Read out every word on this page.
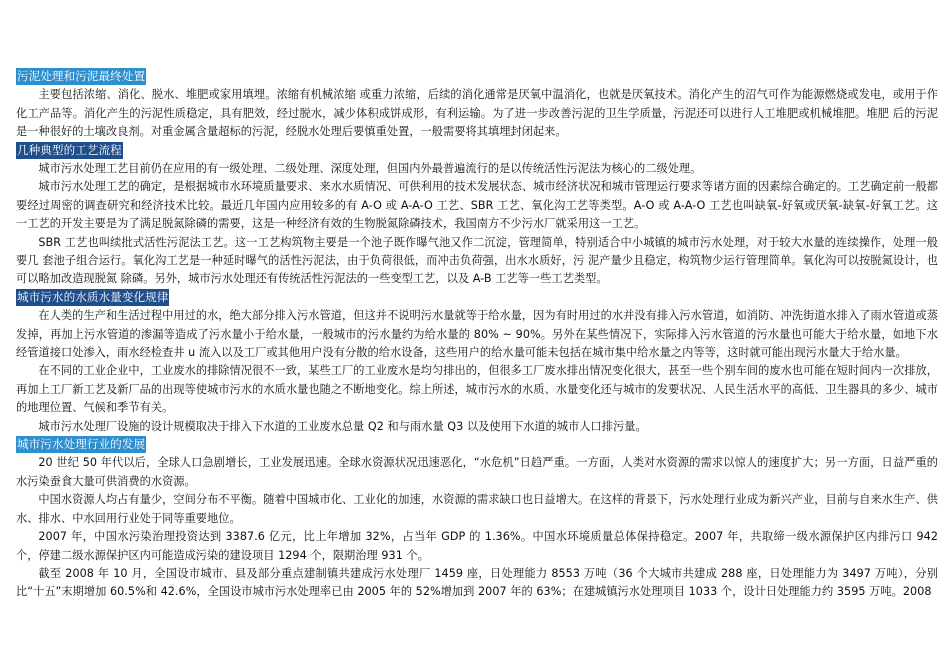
污泥处理和污泥最终处置

主要包括浓缩、消化、脱水、堆肥或家用填埋。浓缩有机械浓缩 或重力浓缩，后续的消化通常是厌氧中温消化，也就是厌氧技术。消化产生的沼气可作为能源燃烧或发电，或用于作化工产品等。消化产生的污泥性质稳定，具有肥效，经过脱水，减少体积成饼成形，有利运输。为了进一步改善污泥的卫生学质量，污泥还可以进行人工堆肥或机械堆肥。堆肥 后的污泥是一种很好的土壤改良剂。对重金属含量超标的污泥，经脱水处理后要慎重处置，一般需要将其填埋封闭起来。

几种典型的工艺流程

城市污水处理工艺目前仍在应用的有一级处理、二级处理、深度处理，但国内外最普遍流行的是以传统活性污泥法为核心的二级处理。

城市污水处理工艺的确定，是根据城市水环境质量要求、来水水质情况、可供利用的技术发展状态、城市经济状况和城市管理运行要求等诸方面的因素综合确定的。工艺确定前一般都要经过周密的调查研究和经济技术比较。最近几年国内应用较多的有 A-O 或 A-A-O 工艺、SBR 工艺、氧化沟工艺等类型。A-O 或 A-A-O 工艺也叫缺氧-好氧或厌氧-缺氧-好氧工艺。这一工艺的开发主要是为了满足脱氮除磷的需要，这是一种经济有效的生物脱氮除磷技术，我国南方不少污水厂就采用这一工艺。

SBR 工艺也叫续批式活性污泥法工艺。这一工艺构筑物主要是一个池子既作曝气池又作二沉淀，管理简单，特别适合中小城镇的城市污水处理，对于较大水量的连续操作，处理一般要几 套池子组合运行。氧化沟工艺是一种延时曝气的活性污泥法，由于负荷很低，而冲击负荷强，出水水质好，污 泥产量少且稳定，构筑物少运行管理简单。氧化沟可以按脱氮设计，也可以略加改造现脱氮 除磷。另外，城市污水处理还有传统活性污泥法的一些变型工艺，以及 A-B 工艺等一些工艺类型。

城市污水的水质水量变化规律

在人类的生产和生活过程中用过的水，绝大部分排入污水管道，但这并不说明污水量就等于给水量，因为有时用过的水并没有排入污水管道，如消防、冲洗街道水排入了雨水管道或蒸发掉，再加上污水管道的渗漏等造成了污水量小于给水量，一般城市的污水量约为给水量的 80% ~ 90%。另外在某些情况下，实际排入污水管道的污水量也可能大于给水量，如地下水经管道接口处渗入，雨水经检查井 u 流入以及工厂或其他用户没有分散的给水设备，这些用户的给水量可能未包括在城市集中给水量之内等等，这时就可能出现污水量大于给水量。

在不同的工业企业中，工业废水的排除情况很不一致，某些工厂的工业废水是均匀排出的，但很多工厂废水排出情况变化很大，甚至一些个别车间的废水也可能在短时间内一次排放，再加上工厂新工艺及新厂品的出现等使城市污水的水质水量也随之不断地变化。综上所述，城市污水的水质、水量变化还与城市的发要状况、人民生活水平的高低、卫生器具的多少、城市的地理位置、气候和季节有关。

城市污水处理厂设施的设计规模取决于排入下水道的工业废水总量 Q2 和与雨水量 Q3 以及使用下水道的城市人口排污量。

城市污水处理行业的发展

20 世纪 50 年代以后，全球人口急剧增长，工业发展迅速。全球水资源状况迅速恶化，“水危机”日趋严重。一方面，人类对水资源的需求以惊人的速度扩大；另一方面，日益严重的水污染蚕食大量可供消费的水资源。

中国水资源人均占有量少，空间分布不平衡。随着中国城市化、工业化的加速，水资源的需求缺口也日益增大。在这样的背景下，污水处理行业成为新兴产业，目前与自来水生产、供水、排水、中水回用行业处于同等重要地位。

2007 年，中国水污染治理投资达到 3387.6 亿元，比上年增加 32%，占当年 GDP 的 1.36%。中国水环境质量总体保持稳定。2007 年，共取缔一级水源保护区内排污口 942 个，停建二级水源保护区内可能造成污染的建设项目 1294 个，限期治理 931 个。

截至 2008 年 10 月，全国设市城市、县及部分重点建制镇共建成污水处理厂 1459 座，日处理能力 8553 万吨（36 个大城市共建成 288 座，日处理能力为 3497 万吨），分别比“十五”末期增加 60.5%和 42.6%，全国设市城市污水处理率已由 2005 年的 52%增加到 2007 年的 63%；在建城镇污水处理项目 1033 个，设计日处理能力约 3595 万吨。2008
